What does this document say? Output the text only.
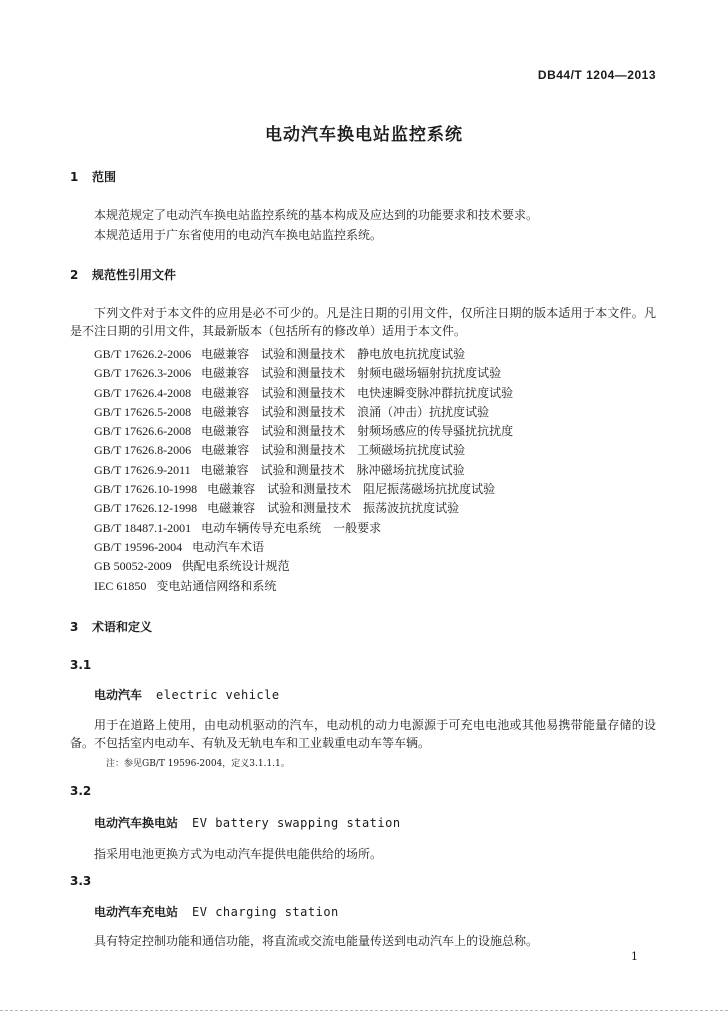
DB44/T 1204—2013
电动汽车换电站监控系统
1 范围
本规范规定了电动汽车换电站监控系统的基本构成及应达到的功能要求和技术要求。
本规范适用于广东省使用的电动汽车换电站监控系统。
2 规范性引用文件
下列文件对于本文件的应用是必不可少的。凡是注日期的引用文件，仅所注日期的版本适用于本文件。凡是不注日期的引用文件，其最新版本（包括所有的修改单）适用于本文件。
GB/T 17626.2-2006 电磁兼容　试验和测量技术　静电放电抗扰度试验
GB/T 17626.3-2006 电磁兼容　试验和测量技术　射频电磁场辐射抗扰度试验
GB/T 17626.4-2008 电磁兼容　试验和测量技术　电快速瞬变脉冲群抗扰度试验
GB/T 17626.5-2008 电磁兼容　试验和测量技术　浪涌（冲击）抗扰度试验
GB/T 17626.6-2008 电磁兼容　试验和测量技术　射频场感应的传导骚扰抗扰度
GB/T 17626.8-2006 电磁兼容　试验和测量技术　工频磁场抗扰度试验
GB/T 17626.9-2011 电磁兼容　试验和测量技术　脉冲磁场抗扰度试验
GB/T 17626.10-1998 电磁兼容　试验和测量技术　阻尼振荡磁场抗扰度试验
GB/T 17626.12-1998 电磁兼容　试验和测量技术　振荡波抗扰度试验
GB/T 18487.1-2001 电动车辆传导充电系统　一般要求
GB/T 19596-2004 电动汽车术语
GB 50052-2009 供配电系统设计规范
IEC 61850 变电站通信网络和系统
3 术语和定义
3.1
电动汽车 electric vehicle
用于在道路上使用，由电动机驱动的汽车，电动机的动力电源源于可充电电池或其他易携带能量存储的设备。不包括室内电动车、有轨及无轨电车和工业载重电动车等车辆。
注：参见GB/T 19596-2004，定义3.1.1.1。
3.2
电动汽车换电站 EV battery swapping station
指采用电池更换方式为电动汽车提供电能供给的场所。
3.3
电动汽车充电站 EV charging station
具有特定控制功能和通信功能，将直流或交流电能量传送到电动汽车上的设施总称。
1
